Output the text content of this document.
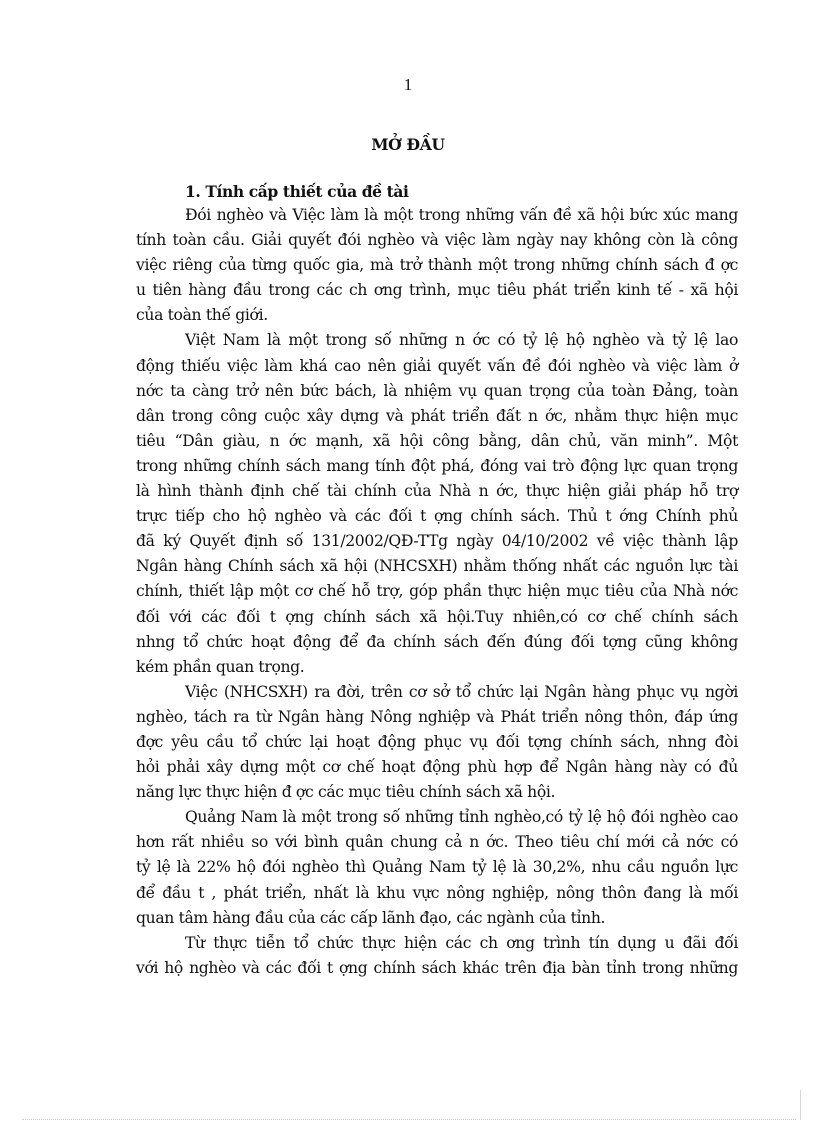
1
MỞ ĐẦU
1. Tính cấp thiết của đề tài
Đói nghèo và Việc làm là một trong những vấn đề xã hội bức xúc mang
tính toàn cầu. Giải quyết đói nghèo và việc làm ngày nay không còn là công
việc riêng của từng quốc gia, mà trở thành một trong những chính sách đ ợc
u tiên hàng đầu trong các ch ơng trình, mục tiêu phát triển kinh tế - xã hội
của toàn thế giới.
Việt Nam là một trong số những n ớc có tỷ lệ hộ nghèo và tỷ lệ lao
động thiếu việc làm khá cao nên giải quyết vấn đề đói nghèo và việc làm ở
nớc ta càng trở nên bức bách, là nhiệm vụ quan trọng của toàn Đảng, toàn
dân trong công cuộc xây dựng và phát triển đất n ớc, nhằm thực hiện mục
tiêu “Dân giàu, n ớc mạnh, xã hội công bằng, dân chủ, văn minh”. Một
trong những chính sách mang tính đột phá, đóng vai trò động lực quan trọng
là hình thành định chế tài chính của Nhà n ớc, thực hiện giải pháp hỗ trợ
trực tiếp cho hộ nghèo và các đối t ợng chính sách. Thủ t ớng Chính phủ
đã ký Quyết định số 131/2002/QĐ-TTg ngày 04/10/2002 về việc thành lập
Ngân hàng Chính sách xã hội (NHCSXH) nhằm thống nhất các nguồn lực tài
chính, thiết lập một cơ chế hỗ trợ, góp phần thực hiện mục tiêu của Nhà nớc
đối với các đối t ợng chính sách xã hội.Tuy nhiên,có cơ chế chính sách
nhng tổ chức hoạt động để đa chính sách đến đúng đối tợng cũng không
kém phần quan trọng.
Việc (NHCSXH) ra đời, trên cơ sở tổ chức lại Ngân hàng phục vụ ngời
nghèo, tách ra từ Ngân hàng Nông nghiệp và Phát triển nông thôn, đáp ứng
đợc yêu cầu tổ chức lại hoạt động phục vụ đối tợng chính sách, nhng đòi
hỏi phải xây dựng một cơ chế hoạt động phù hợp để Ngân hàng này có đủ
năng lực thực hiện đ ợc các mục tiêu chính sách xã hội.
Quảng Nam là một trong số những tỉnh nghèo,có tỷ lệ hộ đói nghèo cao
hơn rất nhiều so với bình quân chung cả n ớc. Theo tiêu chí mới cả nớc có
tỷ lệ là 22% hộ đói nghèo thì Quảng Nam tỷ lệ là 30,2%, nhu cầu nguồn lực
để đầu t , phát triển, nhất là khu vực nông nghiệp, nông thôn đang là mối
quan tâm hàng đầu của các cấp lãnh đạo, các ngành của tỉnh.
Từ thực tiễn tổ chức thực hiện các ch ơng trình tín dụng u đãi đối
với hộ nghèo và các đối t ợng chính sách khác trên địa bàn tỉnh trong những
